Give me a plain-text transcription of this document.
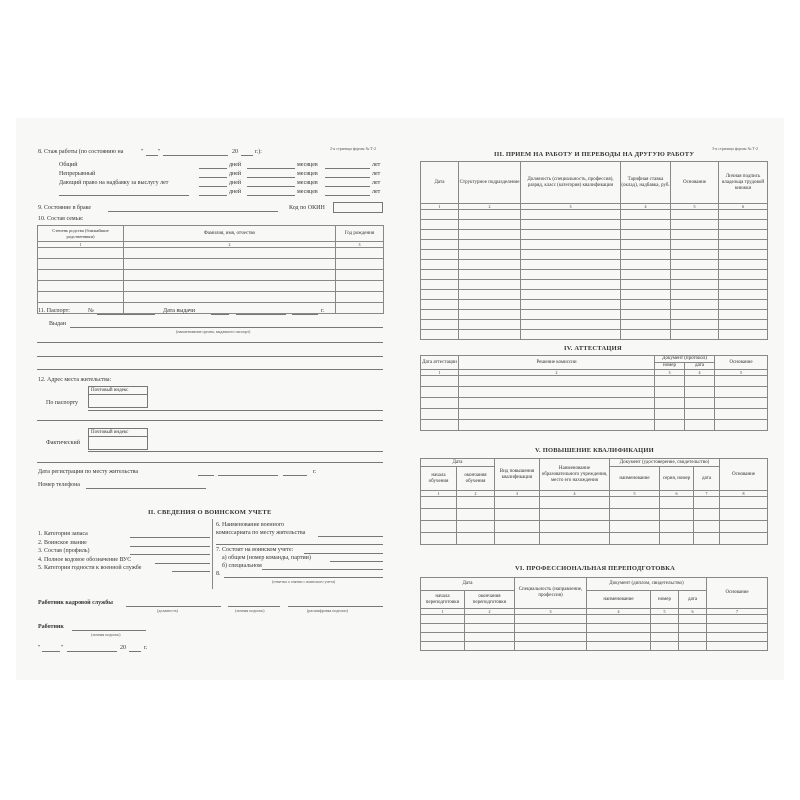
2-я страница формы № Т-2
8. Стаж работы (по состоянию на	" "	20	г.):
Общий	дней	месяцев	лет
Непрерывный	дней	месяцев	лет
Дающий право на надбавку за выслугу лет	дней	месяцев	лет
дней	месяцев	лет
9. Состояние в браке	Код по ОКИН
10. Состав семьи:
Степень родства (ближайшие родственники)	Фамилия, имя, отчество	Год рождения
1	2	3

11. Паспорт:	№	Дата выдачи	г.
Выдан
(наименование органа, выдавшего паспорт)
12. Адрес места жительства:
Почтовый индекс
По паспорту
Почтовый индекс
Фактический
Дата регистрации по месту жительства	г.
Номер телефона
II. СВЕДЕНИЯ О ВОИНСКОМ УЧЕТЕ
1. Категория запаса
2. Воинское звание
3. Состав (профиль)
4. Полное кодовое обозначение ВУС
5. Категория годности к военной службе
6. Наименование военного
комиссариата по месту жительства
7. Состоит на воинском учете:
а) общем (номер команды, партии)
б) специальном
8.
(отметка о снятии с воинского учета)
Работник кадровой службы
(должность)	(личная подпись)	(расшифровка подписи)
Работник
(личная подпись)
"	"	20	г.
3-я страница формы № Т-2
III. ПРИЕМ НА РАБОТУ И ПЕРЕВОДЫ НА ДРУГУЮ РАБОТУ
Дата	Структурное подразделение	Должность (специальность, профессия), разряд, класс (категория) квалификации	Тарифная ставка (оклад), надбавка, руб.	Основание	Личная подпись владельца трудовой книжки
1	2	3	4	5	6

IV. АТТЕСТАЦИЯ
Дата аттестации	Решение комиссии	Документ (протокол)		Основание
		номер	дата	
1	2	3	4	5

V. ПОВЫШЕНИЕ КВАЛИФИКАЦИИ
Дата		Вид повышения квалификации	Наименование образовательного учреждения, место его нахождения	Документ (удостоверение, свидетельство)			Основание
начала обучения	окончания обучения			наименование	серия, номер	дата	
1	2	3	4	5	6	7	8

VI. ПРОФЕССИОНАЛЬНАЯ ПЕРЕПОДГОТОВКА
Дата		Специальность (направление, профессия)	Документ (диплом, свидетельство)			Основание
начала переподготовки	окончания переподготовки		наименование	номер	дата	
1	2	3	4	5	6	7
